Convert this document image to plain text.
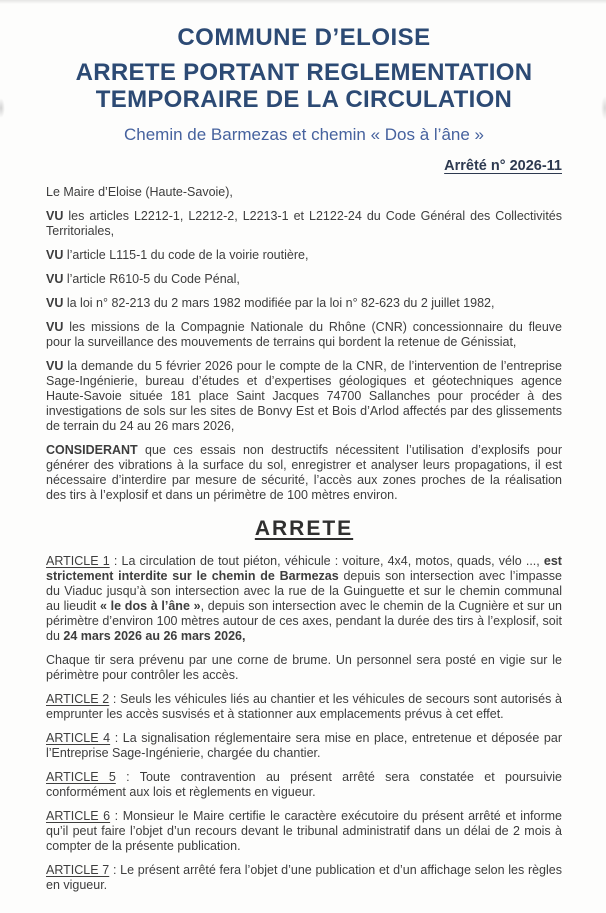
COMMUNE D’ELOISE
ARRETE PORTANT REGLEMENTATION TEMPORAIRE DE LA CIRCULATION
Chemin de Barmezas et chemin « Dos à l’âne »
Arrêté n° 2026-11

Le Maire d’Eloise (Haute-Savoie),

VU les articles L2212-1, L2212-2, L2213-1 et L2122-24 du Code Général des Collectivités Territoriales,

VU l’article L115-1 du code de la voirie routière,

VU l’article R610-5 du Code Pénal,

VU la loi n° 82-213 du 2 mars 1982 modifiée par la loi n° 82-623 du 2 juillet 1982,

VU les missions de la Compagnie Nationale du Rhône (CNR) concessionnaire du fleuve pour la surveillance des mouvements de terrains qui bordent la retenue de Génissiat,

VU la demande du 5 février 2026 pour le compte de la CNR, de l’intervention de l’entreprise Sage-Ingénierie, bureau d’études et d’expertises géologiques et géotechniques agence Haute-Savoie située 181 place Saint Jacques 74700 Sallanches pour procéder à des investigations de sols sur les sites de Bonvy Est et Bois d’Arlod affectés par des glissements de terrain du 24 au 26 mars 2026,

CONSIDERANT que ces essais non destructifs nécessitent l’utilisation d’explosifs pour générer des vibrations à la surface du sol, enregistrer et analyser leurs propagations, il est nécessaire d’interdire par mesure de sécurité, l’accès aux zones proches de la réalisation des tirs à l’explosif et dans un périmètre de 100 mètres environ.

ARRETE

ARTICLE 1 : La circulation de tout piéton, véhicule : voiture, 4x4, motos, quads, vélo ..., est strictement interdite sur le chemin de Barmezas depuis son intersection avec l’impasse du Viaduc jusqu’à son intersection avec la rue de la Guinguette et sur le chemin communal au lieudit « le dos à l’âne », depuis son intersection avec le chemin de la Cugnière et sur un périmètre d’environ 100 mètres autour de ces axes, pendant la durée des tirs à l’explosif, soit du 24 mars 2026 au 26 mars 2026,

Chaque tir sera prévenu par une corne de brume. Un personnel sera posté en vigie sur le périmètre pour contrôler les accès.

ARTICLE 2 : Seuls les véhicules liés au chantier et les véhicules de secours sont autorisés à emprunter les accès susvisés et à stationner aux emplacements prévus à cet effet.

ARTICLE 4 : La signalisation réglementaire sera mise en place, entretenue et déposée par l’Entreprise Sage-Ingénierie, chargée du chantier.

ARTICLE 5 : Toute contravention au présent arrêté sera constatée et poursuivie conformément aux lois et règlements en vigueur.

ARTICLE 6 : Monsieur le Maire certifie le caractère exécutoire du présent arrêté et informe qu’il peut faire l’objet d’un recours devant le tribunal administratif dans un délai de 2 mois à compter de la présente publication.

ARTICLE 7 : Le présent arrêté fera l’objet d’une publication et d’un affichage selon les règles en vigueur.
